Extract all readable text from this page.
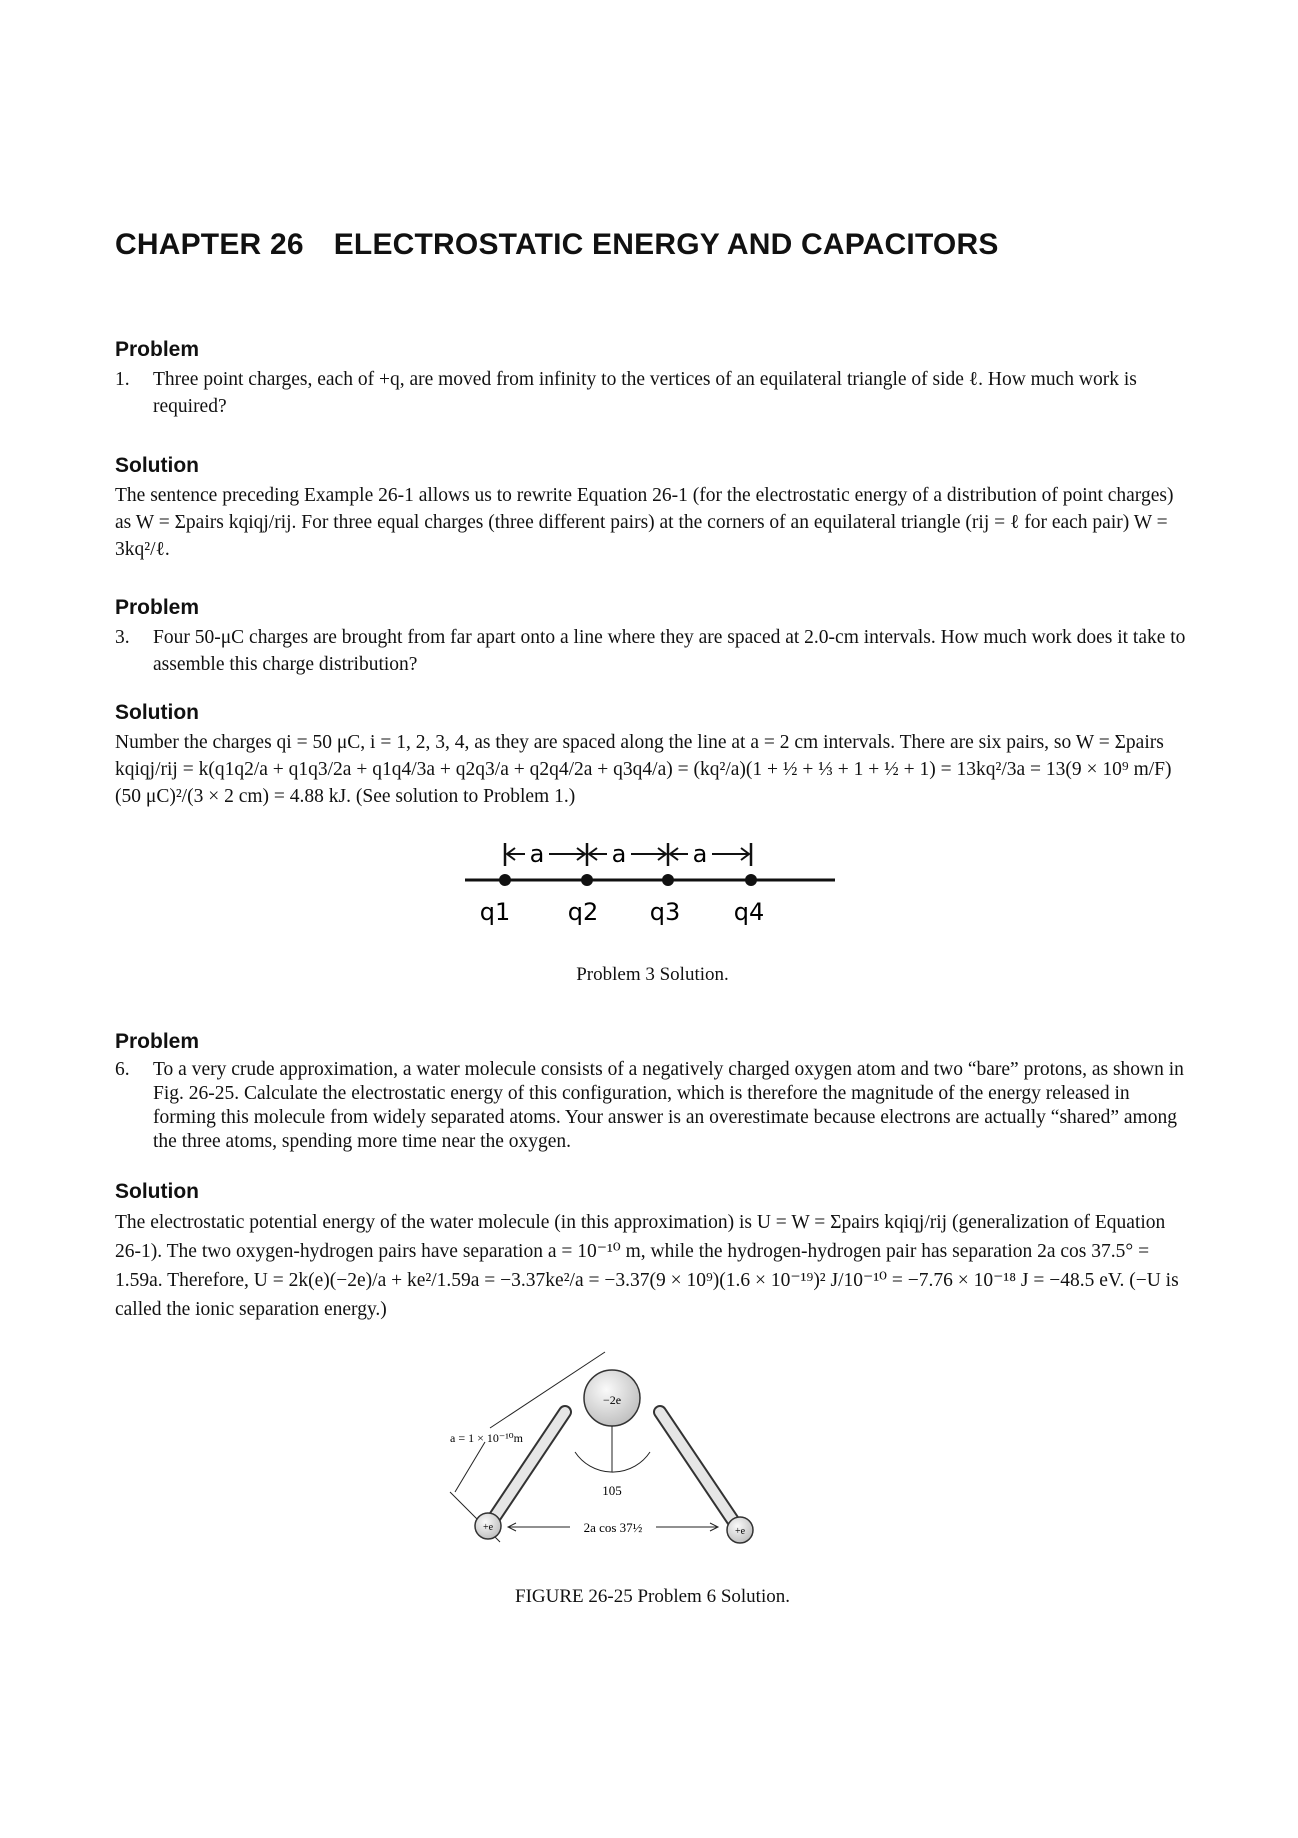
CHAPTER 26 ELECTROSTATIC ENERGY AND CAPACITORS
Problem
1. Three point charges, each of +q, are moved from infinity to the vertices of an equilateral triangle of side ℓ. How much work is required?
Solution

The sentence preceding Example 26-1 allows us to rewrite Equation 26-1 (for the electrostatic energy of a distribution of point charges) as W = Σpairs kqiqj/rij. For three equal charges (three different pairs) at the corners of an equilateral triangle (rij = ℓ for each pair) W = 3kq²/ℓ.

Problem
3. Four 50-μC charges are brought from far apart onto a line where they are spaced at 2.0-cm intervals. How much work does it take to assemble this charge distribution?
Solution

Number the charges qi = 50 μC, i = 1, 2, 3, 4, as they are spaced along the line at a = 2 cm intervals. There are six pairs, so W = Σpairs kqiqj/rij = k(q1q2/a + q1q3/2a + q1q4/3a + q2q3/a + q2q4/2a + q3q4/a) = (kq²/a)(1 + ½ + ⅓ + 1 + ½ + 1) = 13kq²/3a = 13(9 × 10⁹ m/F)(50 μC)²/(3 × 2 cm) = 4.88 kJ. (See solution to Problem 1.)

a	a	a
q1 q2 q3 q4
Problem 3 Solution.
Problem
6. To a very crude approximation, a water molecule consists of a negatively charged oxygen atom and two “bare” protons, as shown in Fig. 26-25. Calculate the electrostatic energy of this configuration, which is therefore the magnitude of the energy released in forming this molecule from widely separated atoms. Your answer is an overestimate because electrons are actually “shared” among the three atoms, spending more time near the oxygen.
Solution

The electrostatic potential energy of the water molecule (in this approximation) is U = W = Σpairs kqiqj/rij (generalization of Equation 26-1). The two oxygen-hydrogen pairs have separation a = 10⁻¹⁰ m, while the hydrogen-hydrogen pair has separation 2a cos 37.5° = 1.59a. Therefore, U = 2k(e)(−2e)/a + ke²/1.59a = −3.37ke²/a = −3.37(9 × 10⁹)(1.6 × 10⁻¹⁹)² J/10⁻¹⁰ = −7.76 × 10⁻¹⁸ J = −48.5 eV. (−U is called the ionic separation energy.)

−2e
105
+e	+e
2a cos 37½
a = 1 × 10⁻¹⁰m
FIGURE 26-25 Problem 6 Solution.
